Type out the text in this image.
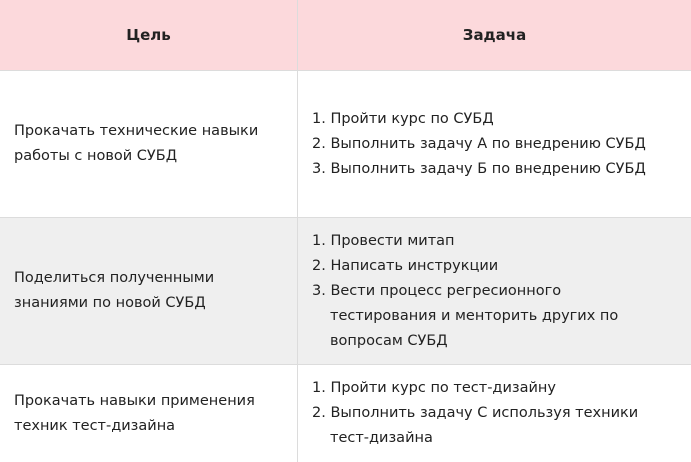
Цель	Задача
Прокачать технические навыки работы с новой СУБД
1. Пройти курс по СУБД
2. Выполнить задачу А по внедрению СУБД
3. Выполнить задачу Б по внедрению СУБД
Поделиться полученными знаниями по новой СУБД
1. Провести митап
2. Написать инструкции
3. Вести процесс регресионного
тестирования и менторить других по
вопросам СУБД
Прокачать навыки применения техник тест-дизайна
1. Пройти курс по тест-дизайну
2. Выполнить задачу С используя техники
тест-дизайна
